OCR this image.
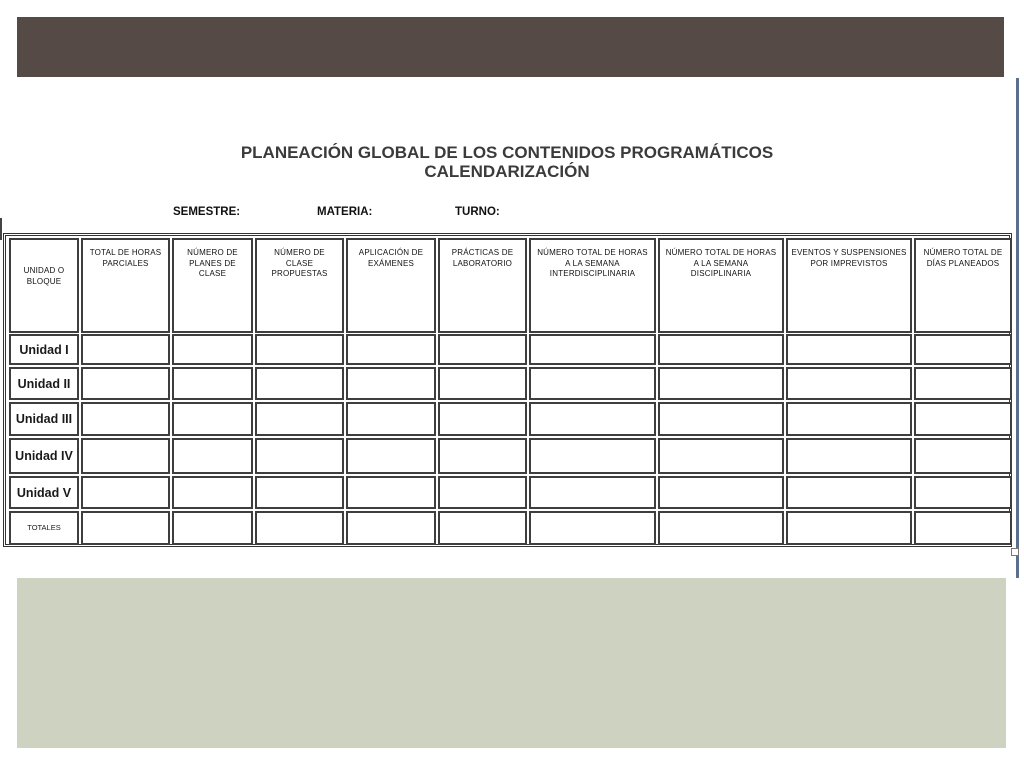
PLANEACIÓN GLOBAL DE LOS CONTENIDOS PROGRAMÁTICOS
CALENDARIZACIÓN
SEMESTRE:	MATERIA:	TURNO:
UNIDAD O BLOQUE
TOTAL DE HORAS PARCIALES
NÚMERO DE PLANES DE CLASE
NÚMERO DE CLASE PROPUESTAS
APLICACIÓN DE EXÁMENES
PRÁCTICAS DE LABORATORIO
NÚMERO TOTAL DE HORAS A LA SEMANA INTERDISCIPLINARIA
NÚMERO TOTAL DE HORAS A LA SEMANA DISCIPLINARIA
EVENTOS Y SUSPENSIONES POR IMPREVISTOS
NÚMERO TOTAL DE DÍAS PLANEADOS
Unidad I
Unidad II
Unidad III
Unidad IV
Unidad V
TOTALES
